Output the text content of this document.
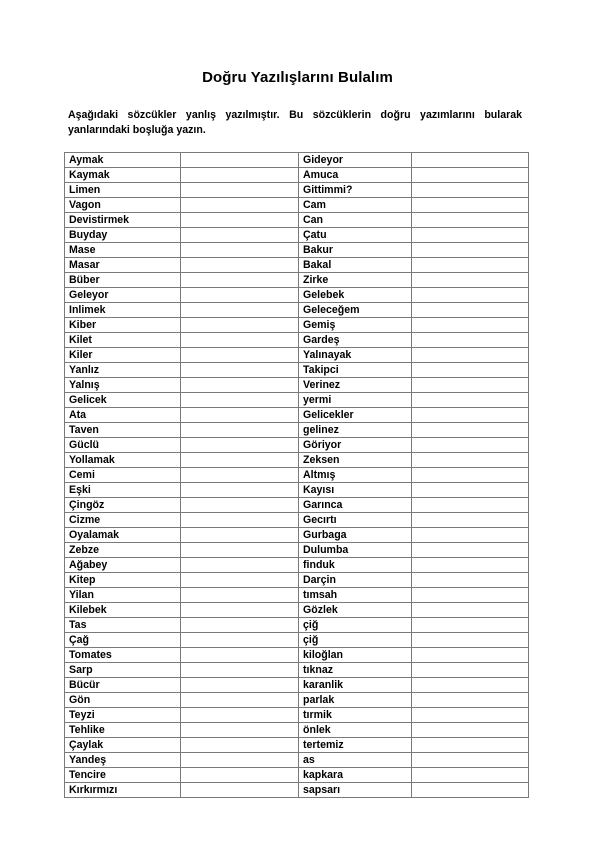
Doğru Yazılışlarını Bulalım
Aşağıdaki sözcükler yanlış yazılmıştır. Bu sözcüklerin doğru yazımlarını bularak yanlarındaki boşluğa yazın.
Aymak		Gideyor	
Kaymak		Amuca	
Limen		Gittimmi?	
Vagon		Cam	
Devistirmek		Can	
Buyday		Çatu	
Mase		Bakur	
Masar		Bakal	
Büber		Zirke	
Geleyor		Gelebek	
Inlimek		Geleceğem	
Kiber		Gemiş	
Kilet		Gardeş	
Kiler		Yalınayak	
Yanlız		Takipci	
Yalnış		Verinez	
Gelicek		yermi	
Ata		Gelicekler	
Taven		gelinez	
Güclü		Göriyor	
Yollamak		Zeksen	
Cemi		Altmış	
Eşki		Kayısı	
Çingöz		Garınca	
Cizme		Gecırtı	
Oyalamak		Gurbaga	
Zebze		Dulumba	
Ağabey		finduk	
Kitep		Darçin	
Yilan		tımsah	
Kilebek		Gözlek	
Tas		çiğ	
Çağ		çiğ	
Tomates		kiloğlan	
Sarp		tıknaz	
Bücür		karanlik	
Gön		parlak	
Teyzi		tırmik	
Tehlike		önlek	
Çaylak		tertemiz	
Yandeş		as	
Tencire		kapkara	
Kırkırmızı		sapsarı	
